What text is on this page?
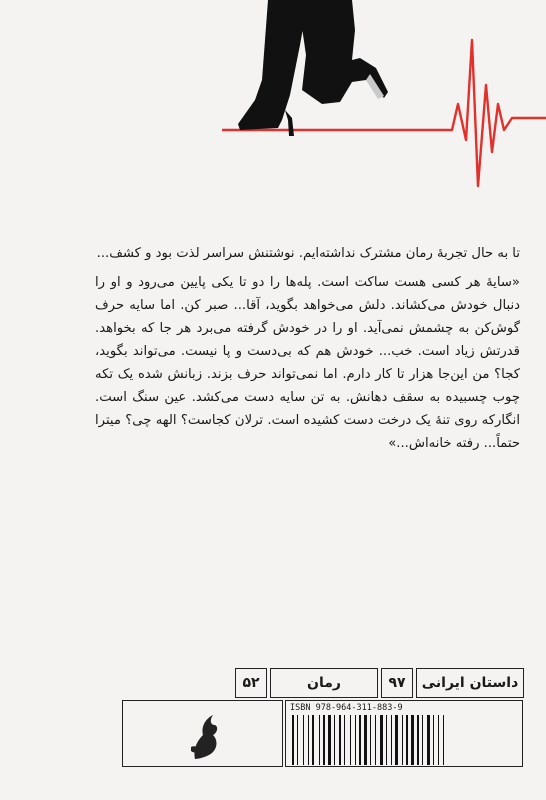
تا به حال تجربۀ رمان مشترک نداشته‌ایم. نوشتنش سراسر لذت بود و کشف...

«سایۀ هر کسی هست ساکت است. پله‌ها را دو تا یکی پایین می‌رود و او را دنبال خودش می‌کشاند. دلش می‌خواهد بگوید، آقا... صبر کن. اما سایه حرف گوش‌کن به چشمش نمی‌آید. او را در خودش گرفته می‌برد هر جا که بخواهد. قدرتش زیاد است. خب... خودش هم که بی‌دست و پا نیست. می‌تواند بگوید، کجا؟ من این‌جا هزار تا کار دارم. اما نمی‌تواند حرف بزند. زبانش شده یک تکه چوب چسبیده به سقف دهانش. به تن سایه دست می‌کشد. عین سنگ است. انگارکه روی تنۀ یک درخت دست کشیده است. ترلان کجاست؟ الهه چی؟ میترا حتماً... رفته خانه‌اش...»

داستان ایرانی
۹۷
رمان
۵۲
ISBN 978-964-311-883-9
